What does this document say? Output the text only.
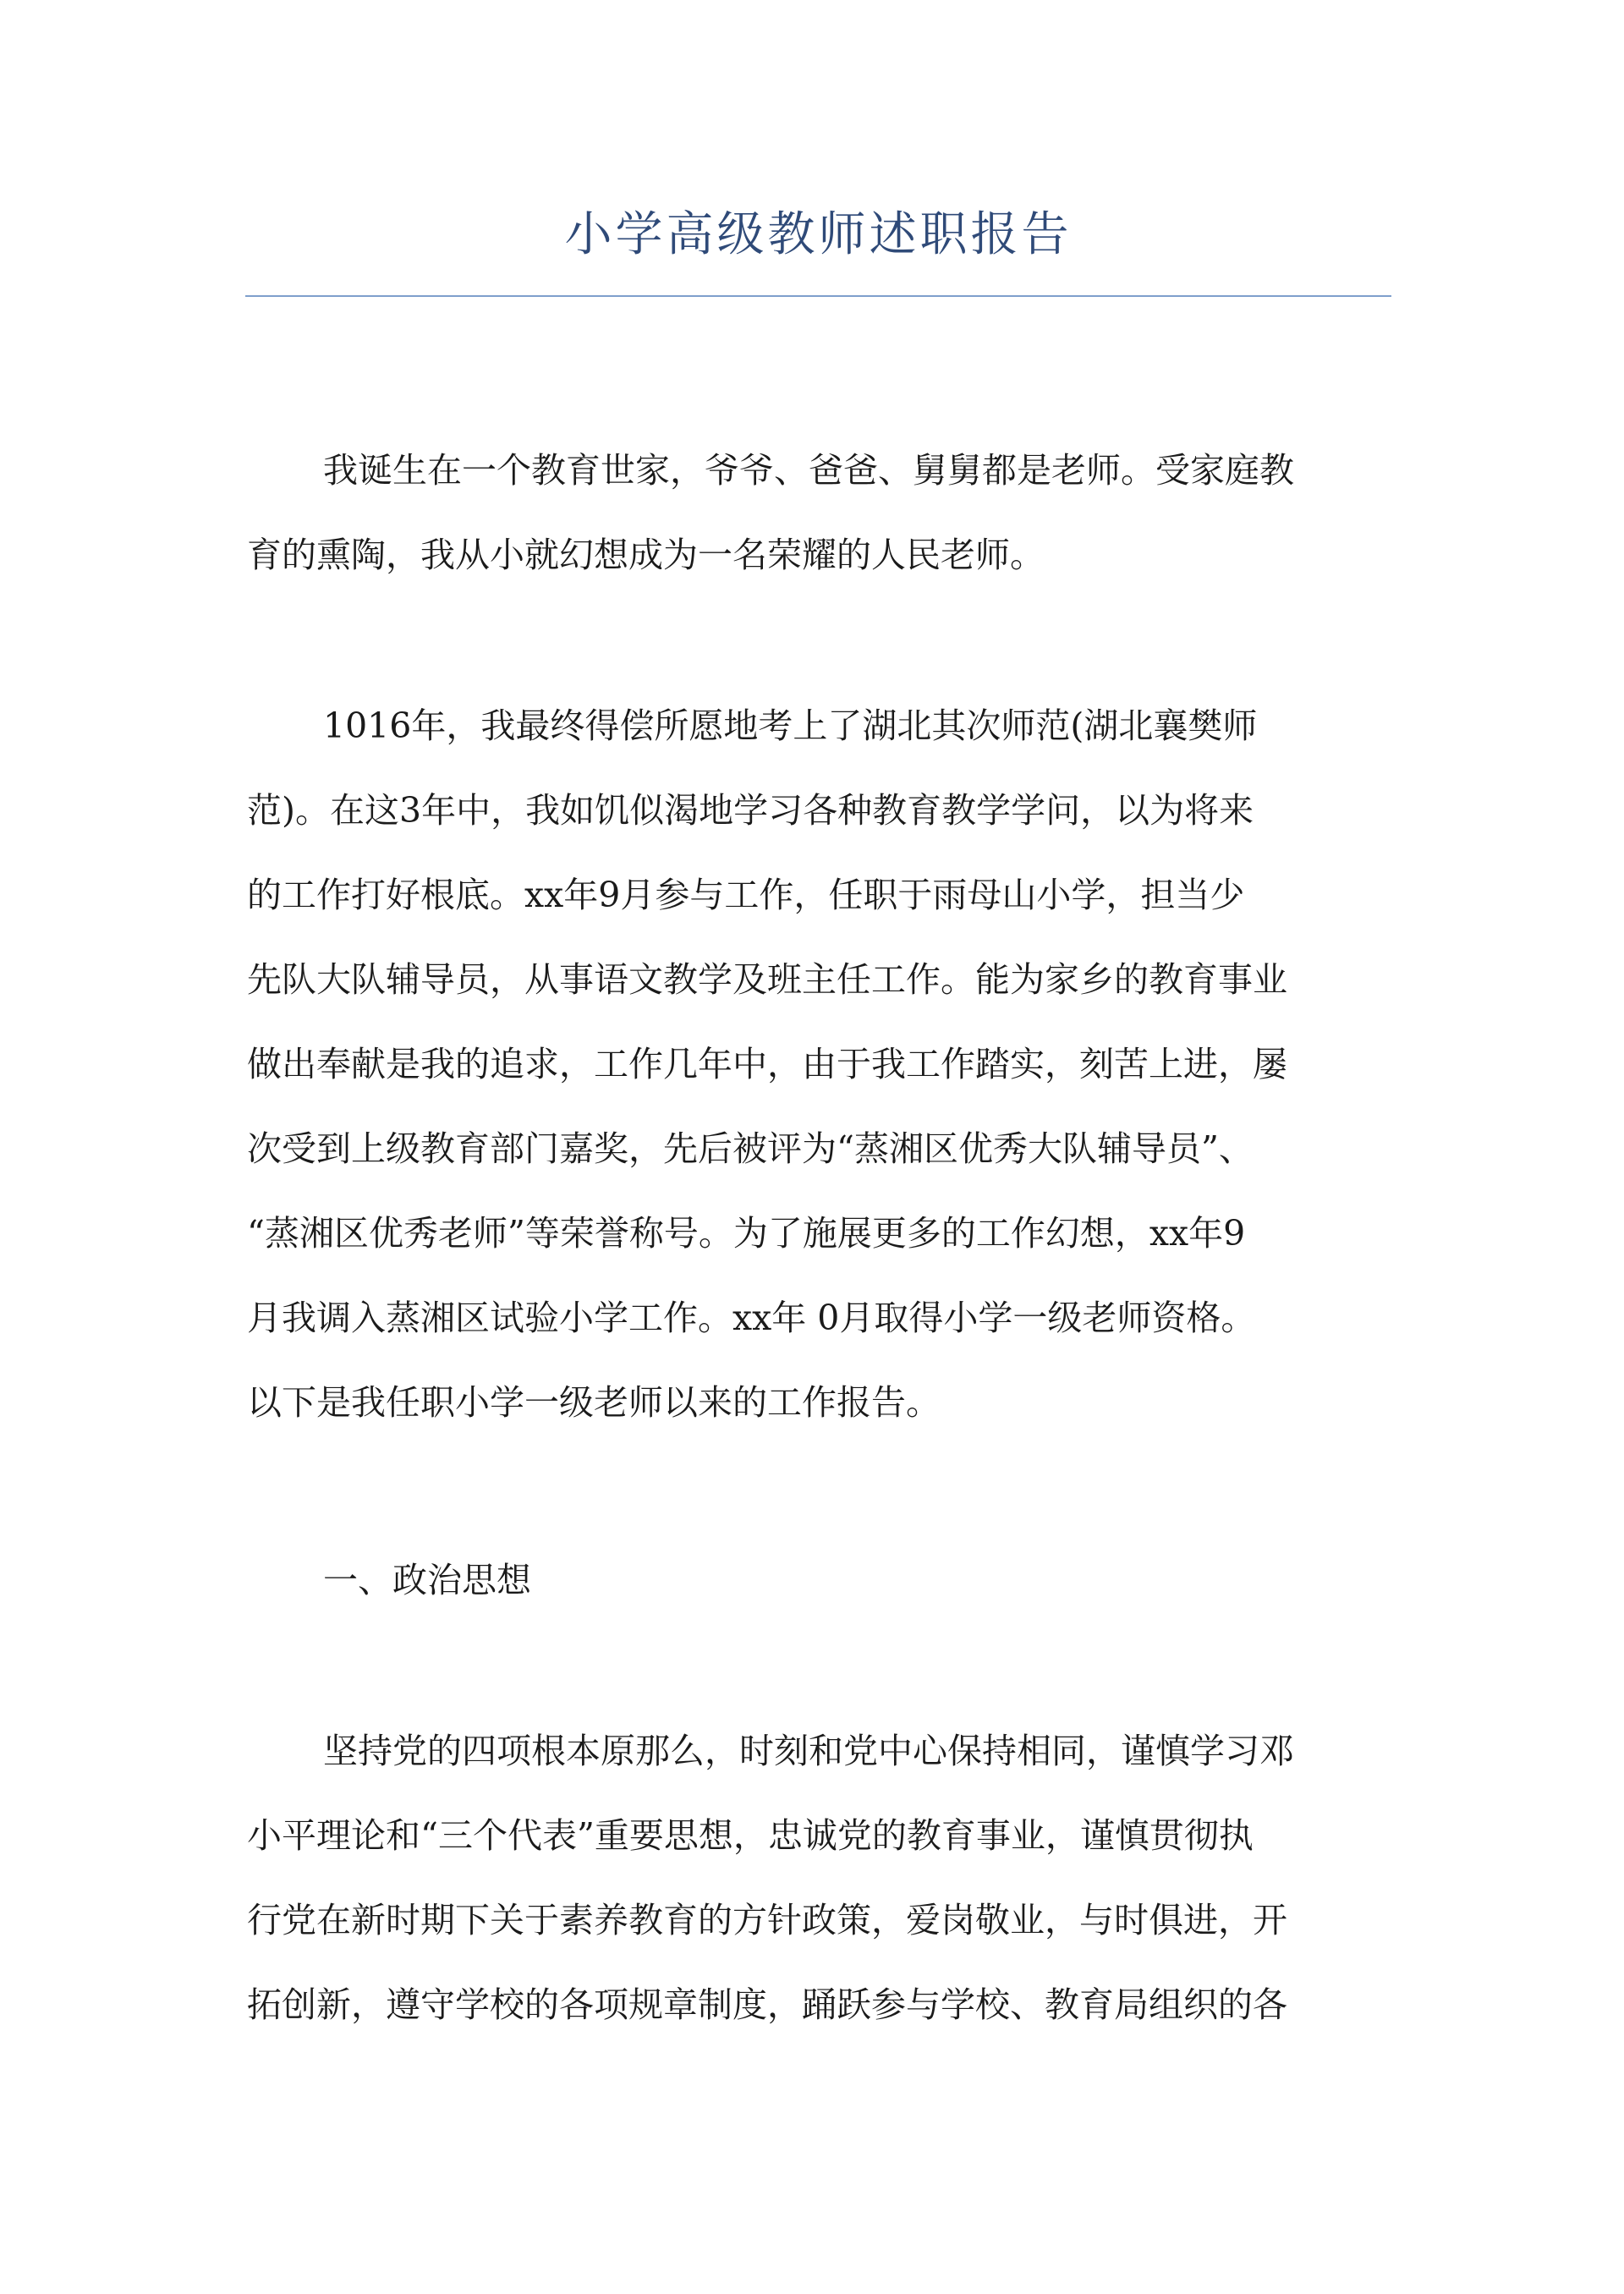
小学高级教师述职报告
我诞生在一个教育世家，爷爷、爸爸、舅舅都是老师。受家庭教
育的熏陶，我从小就幻想成为一名荣耀的人民老师。
1016年，我最终得偿所愿地考上了湖北其次师范(湖北襄樊师
范)。在这3年中，我如饥似渴地学习各种教育教学学问，以为将来
的工作打好根底。xx年9月参与工作，任职于雨母山小学，担当少
先队大队辅导员，从事语文教学及班主任工作。能为家乡的教育事业
做出奉献是我的追求，工作几年中，由于我工作踏实，刻苦上进，屡
次受到上级教育部门嘉奖，先后被评为“蒸湘区优秀大队辅导员”、
“蒸湘区优秀老师”等荣誉称号。为了施展更多的工作幻想，xx年9
月我调入蒸湘区试验小学工作。xx年 0月取得小学一级老师资格。
以下是我任职小学一级老师以来的工作报告。
一、政治思想
坚持党的四项根本原那么，时刻和党中心保持相同，谨慎学习邓
小平理论和“三个代表”重要思想，忠诚党的教育事业，谨慎贯彻执
行党在新时期下关于素养教育的方针政策，爱岗敬业，与时俱进，开
拓创新，遵守学校的各项规章制度，踊跃参与学校、教育局组织的各
